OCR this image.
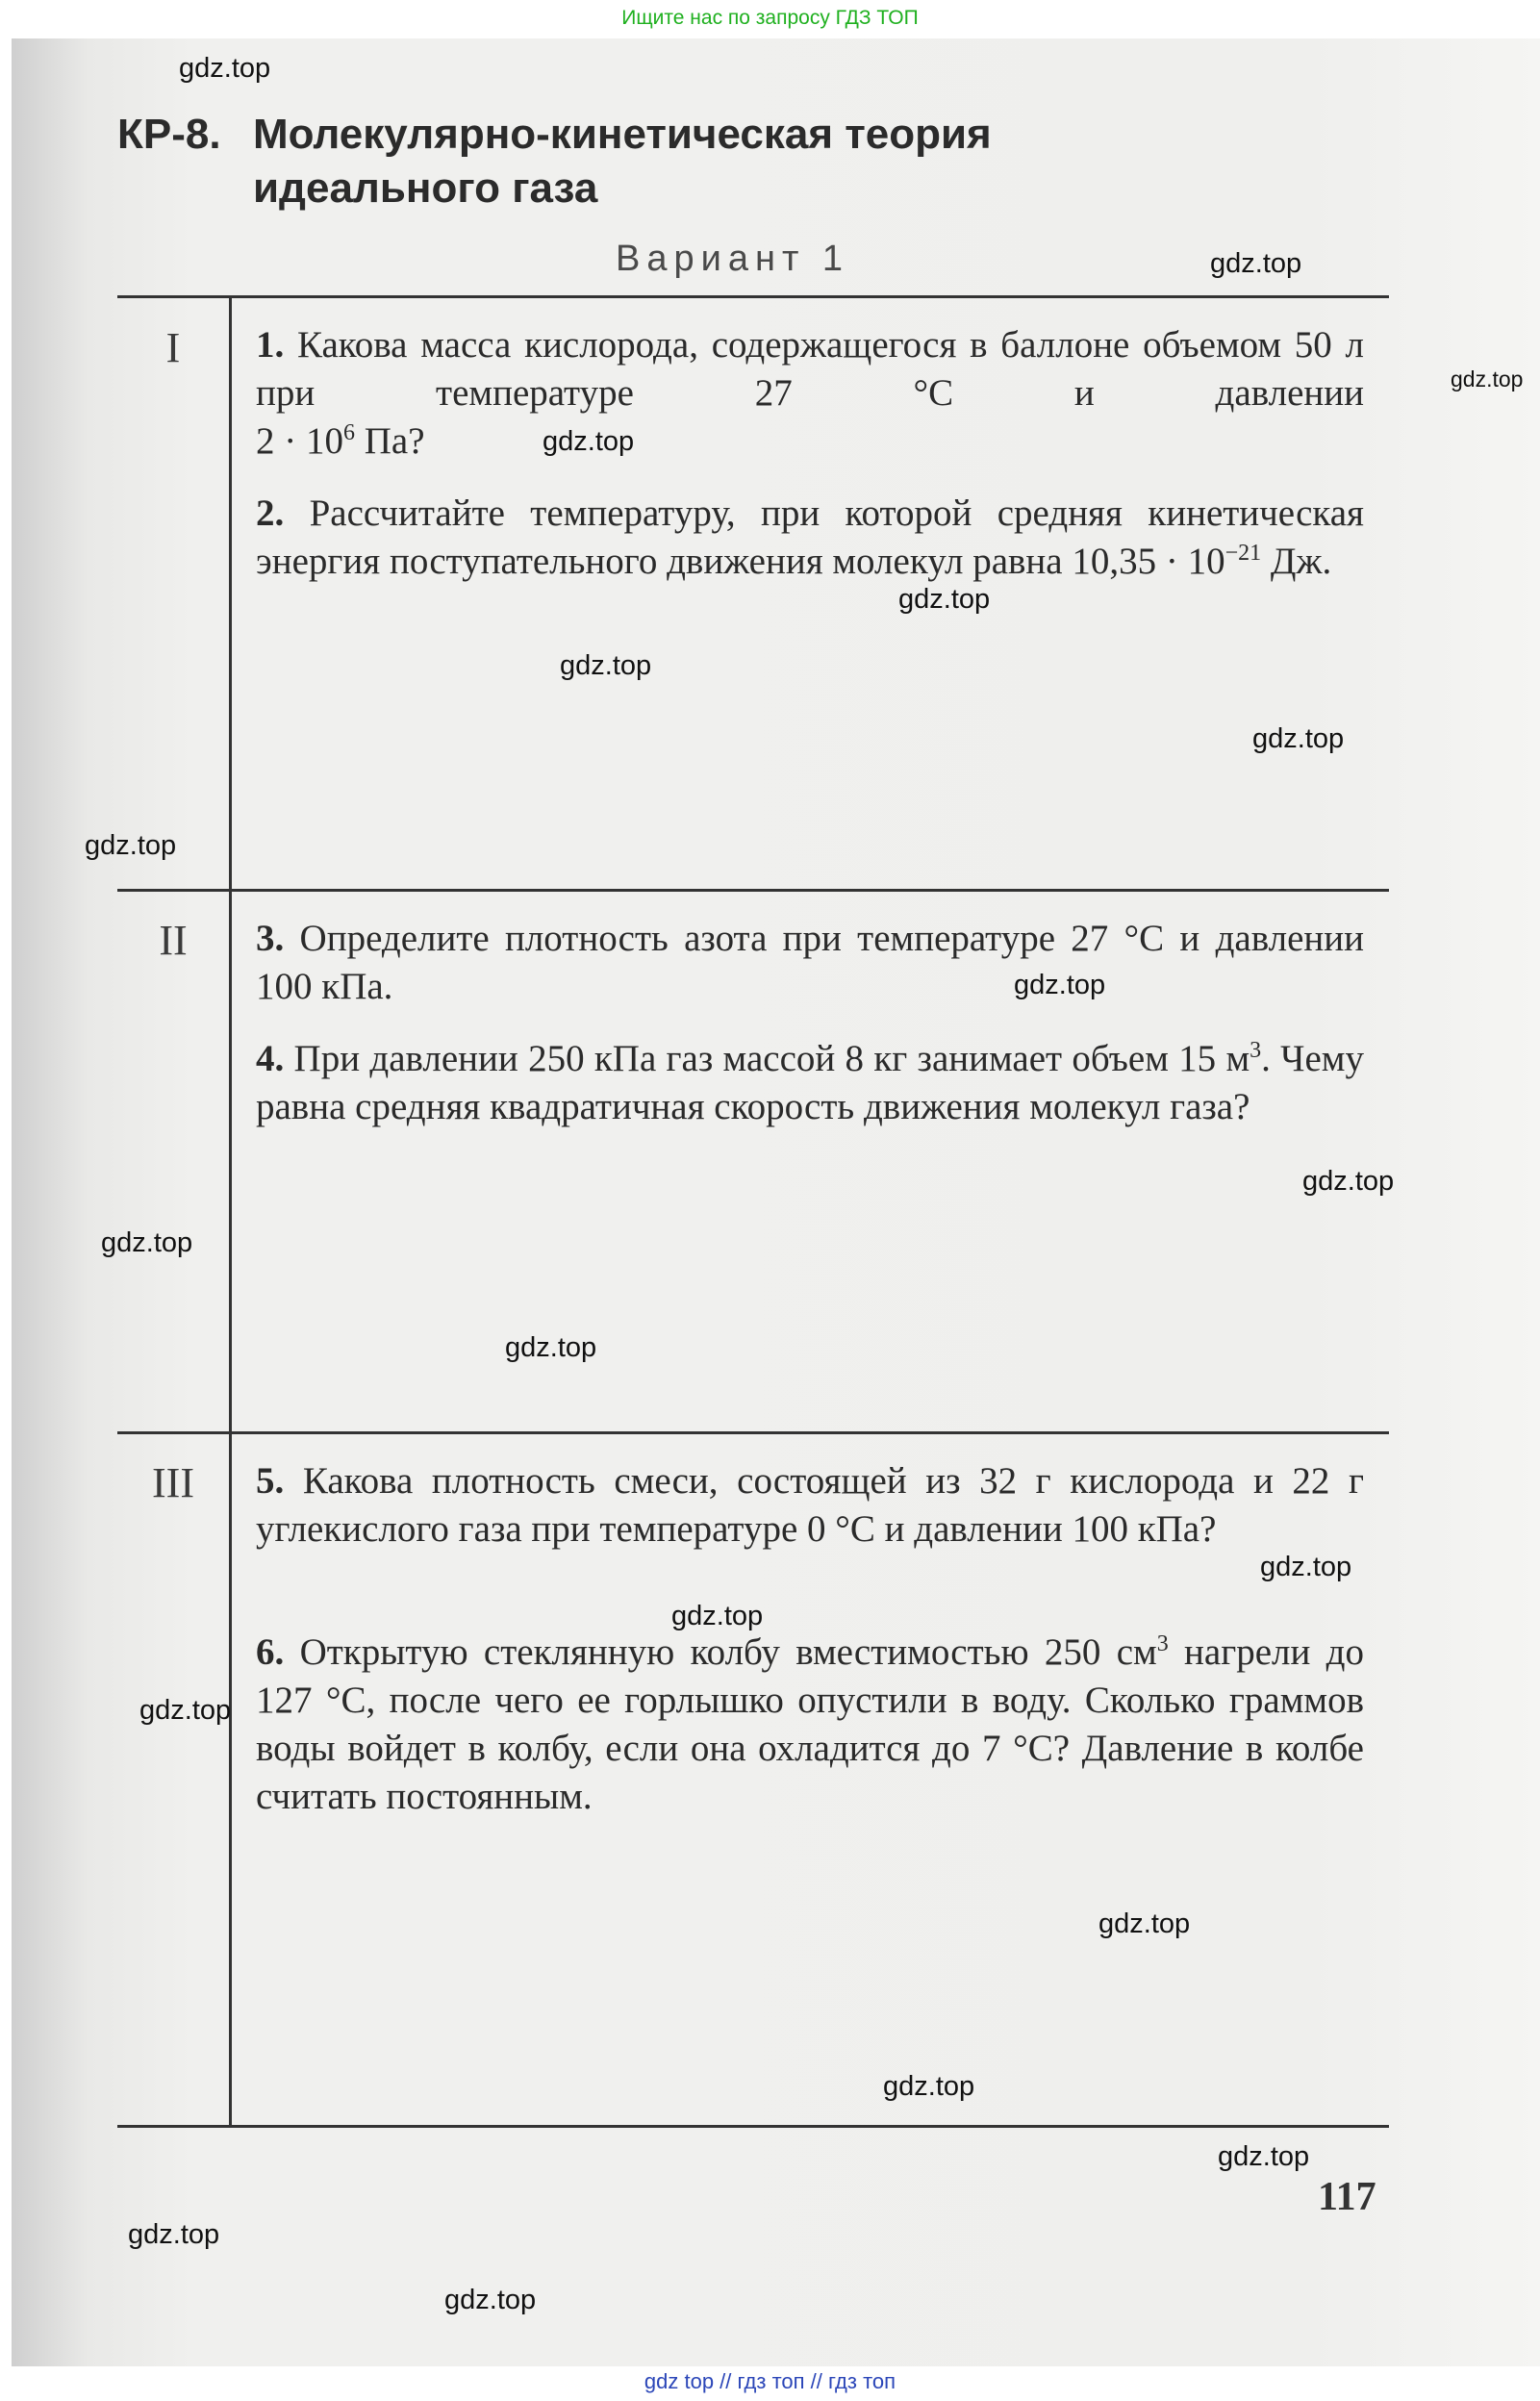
Ищите нас по запросу ГДЗ ТОП
КР-8. Молекулярно-кинетическая теория
идеального газа
Вариант 1
I	1. Какова масса кислорода, содержащегося в баллоне объемом 50 л при температуре 27 °С и давлении
$2 \cdot 10^6$ Па?
2. Рассчитайте температуру, при которой средняя кинетическая энергия поступательного движения молекул равна $10,35 \cdot 10^{-21}$ Дж.
II	3. Определите плотность азота при температуре 27 °С и давлении 100 кПа.
4. При давлении 250 кПа газ массой 8 кг занимает объем 15 $м^3$. Чему равна средняя квадратичная скорость движения молекул газа?
III	5. Какова плотность смеси, состоящей из 32 г кислорода и 22 г углекислого газа при температуре 0 °С и давлении 100 кПа?
6. Открытую стеклянную колбу вместимостью 250 $см^3$ нагрели до 127 °С, после чего ее горлышко опустили в воду. Сколько граммов воды войдет в колбу, если она охладится до 7 °С? Давление в колбе считать постоянным.
117
gdz.top
gdz.top
gdz.top
gdz.top
gdz.top
gdz.top
gdz.top
gdz.top
gdz.top
gdz.top
gdz.top
gdz.top
gdz.top
gdz.top
gdz.top
gdz.top
gdz.top
gdz.top
gdz.top
gdz.top
gdz top // гдз топ // гдз топ
